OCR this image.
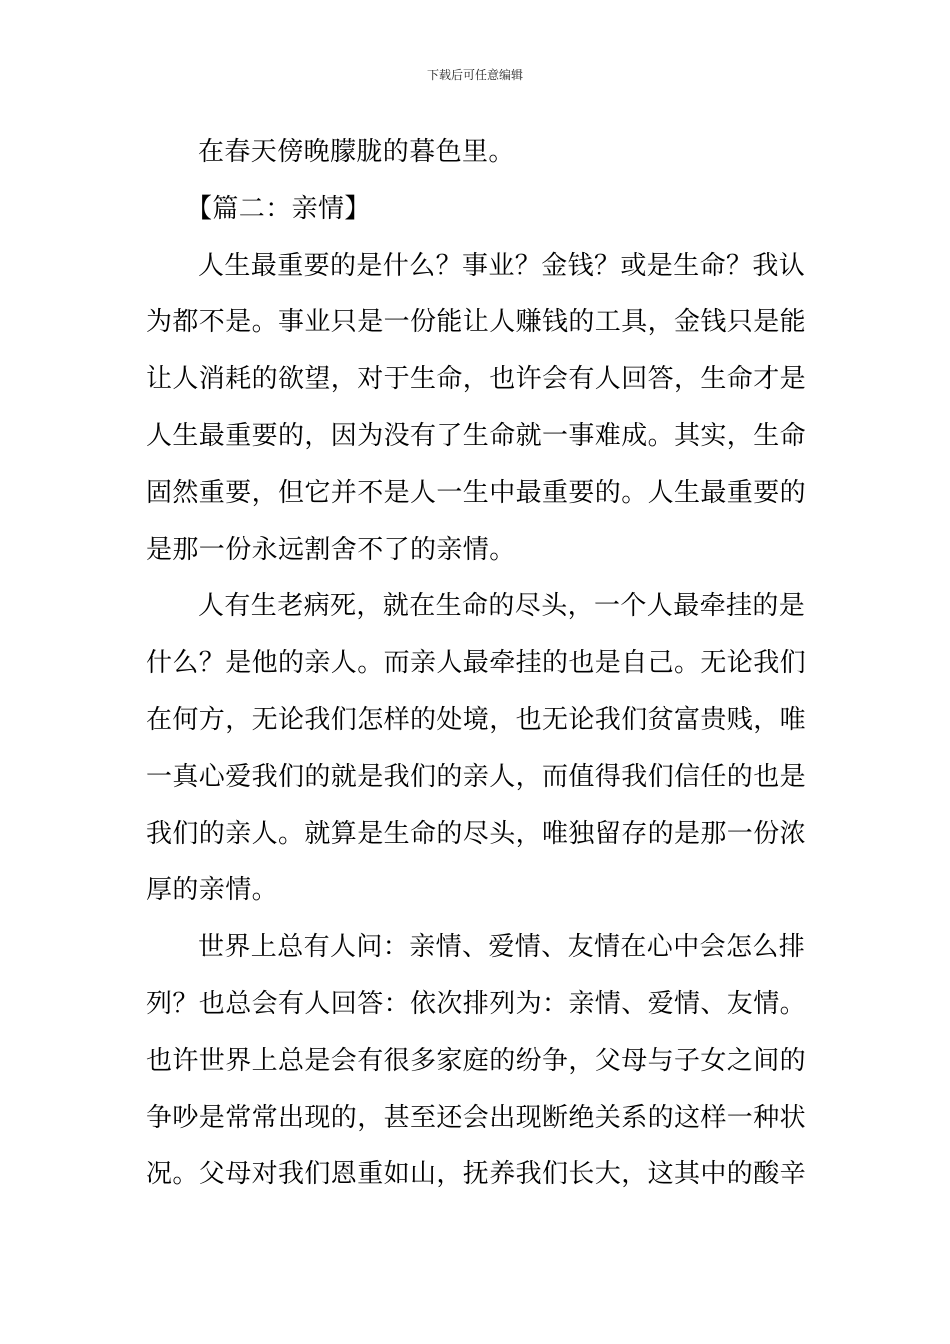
下载后可任意编辑
在春天傍晚朦胧的暮色里。
【篇二：亲情】
人生最重要的是什么？事业？金钱？或是生命？我认
为都不是。事业只是一份能让人赚钱的工具，金钱只是能
让人消耗的欲望，对于生命，也许会有人回答，生命才是
人生最重要的，因为没有了生命就一事难成。其实，生命
固然重要，但它并不是人一生中最重要的。人生最重要的
是那一份永远割舍不了的亲情。
人有生老病死，就在生命的尽头，一个人最牵挂的是
什么？是他的亲人。而亲人最牵挂的也是自己。无论我们
在何方，无论我们怎样的处境，也无论我们贫富贵贱，唯
一真心爱我们的就是我们的亲人，而值得我们信任的也是
我们的亲人。就算是生命的尽头，唯独留存的是那一份浓
厚的亲情。
世界上总有人问：亲情、爱情、友情在心中会怎么排
列？也总会有人回答：依次排列为：亲情、爱情、友情。
也许世界上总是会有很多家庭的纷争，父母与子女之间的
争吵是常常出现的，甚至还会出现断绝关系的这样一种状
况。父母对我们恩重如山，抚养我们长大，这其中的酸辛
